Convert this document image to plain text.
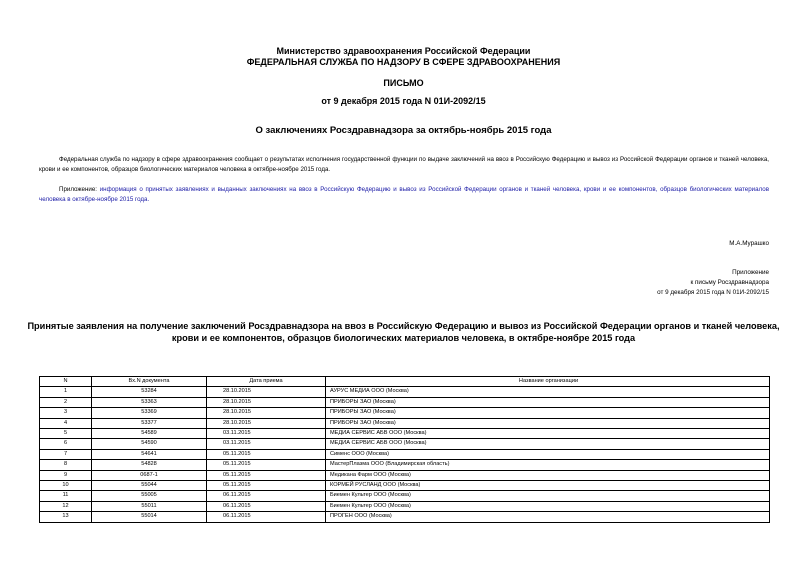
Министерство здравоохранения Российской Федерации
ФЕДЕРАЛЬНАЯ СЛУЖБА ПО НАДЗОРУ В СФЕРЕ ЗДРАВООХРАНЕНИЯ
ПИСЬМО
от 9 декабря 2015 года N 01И-2092/15
О заключениях Росздравнадзора за октябрь-ноябрь 2015 года
Федеральная служба по надзору в сфере здравоохранения сообщает о результатах исполнения государственной функции по выдаче заключений на ввоз в Российскую Федерацию и вывоз из Российской Федерации органов и тканей человека, крови и ее компонентов, образцов биологических материалов человека в октябре-ноябре 2015 года.
Приложение: информация о принятых заявлениях и выданных заключениях на ввоз в Российскую Федерацию и вывоз из Российской Федерации органов и тканей человека, крови и ее компонентов, образцов биологических материалов человека в октябре-ноябре 2015 года.
М.А.Мурашко
Приложение
к письму Росздравнадзора
от 9 декабря 2015 года N 01И-2092/15
Принятые заявления на получение заключений Росздравнадзора на ввоз в Российскую Федерацию и вывоз из Российской Федерации органов и тканей человека, крови и ее компонентов, образцов биологических материалов человека, в октябре-ноябре 2015 года
N	Вх.N документа	Дата приема	Название организации
1	53284	28.10.2015	АУРУС МЕДИА ООО (Москва)
2	53363	28.10.2015	ПРИБОРЫ ЗАО (Москва)
3	53369	28.10.2015	ПРИБОРЫ ЗАО (Москва)
4	53377	28.10.2015	ПРИБОРЫ ЗАО (Москва)
5	54589	03.11.2015	МЕДИА СЕРВИС АБВ ООО (Москва)
6	54590	03.11.2015	МЕДИА СЕРВИС АБВ ООО (Москва)
7	54641	05.11.2015	Сименс ООО (Москва)
8	54828	05.11.2015	МастерПлазма ООО (Владимирская область)
9	0687-1	05.11.2015	Медикана Фарм ООО (Москва)
10	55044	05.11.2015	КОРМЕЙ РУСЛАНД ООО (Москва)
11	55005	06.11.2015	Биемен Культер ООО (Москва)
12	55011	06.11.2015	Биемен Культер ООО (Москва)
13	55014	06.11.2015	ПРОГЕН ООО (Москва)
